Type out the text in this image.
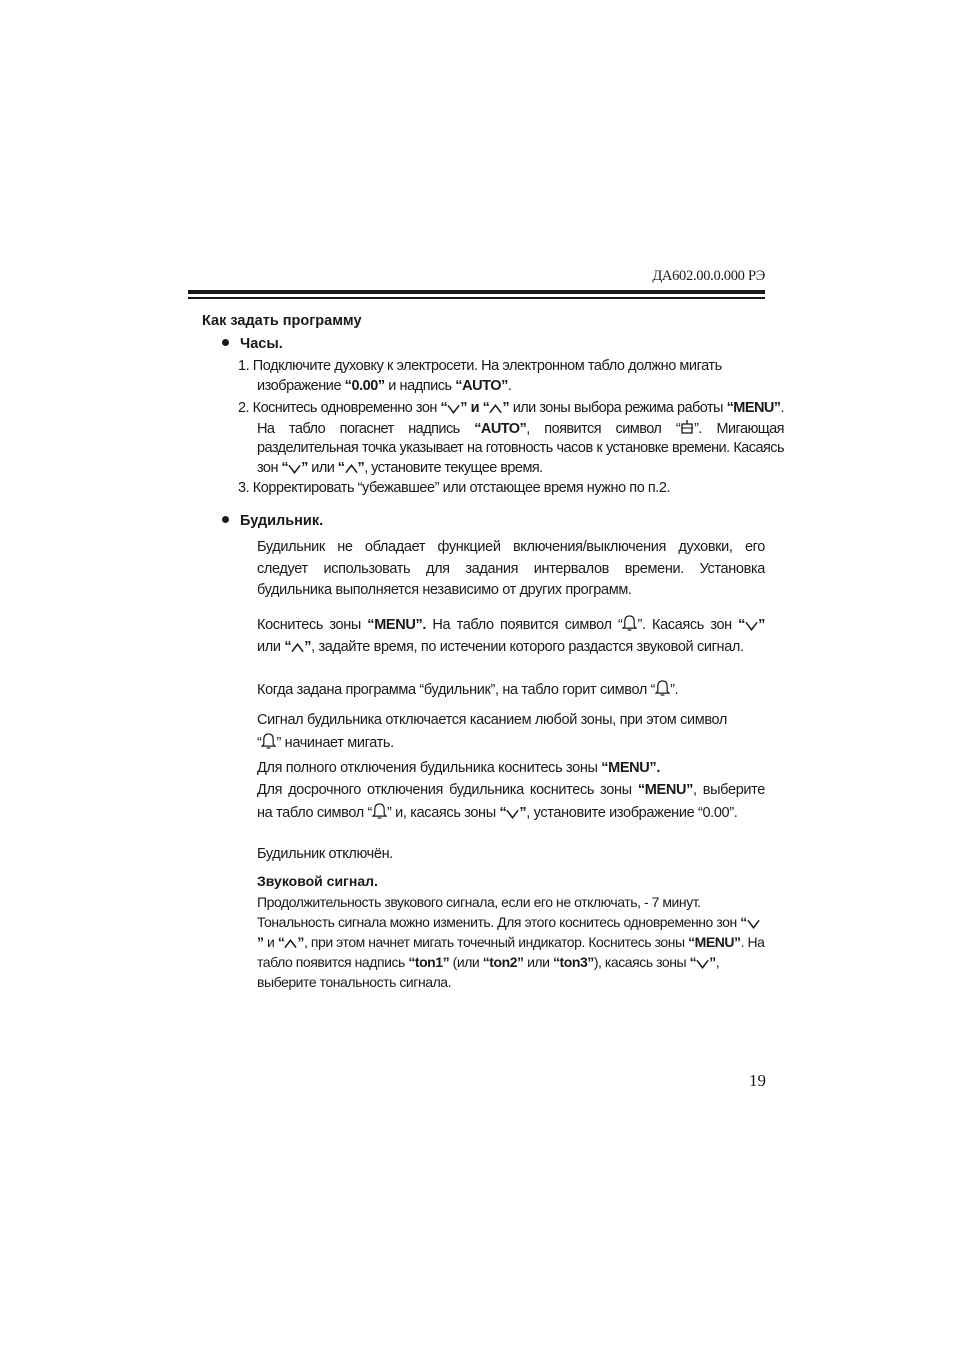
ДА602.00.0.000 РЭ
Как задать программу
Часы.
1. Подключите духовку к электросети. На электронном табло должно мигать изображение “0.00” и надпись “AUTO”.
2. Коснитесь одновременно зон “ ” и “ ” или зоны выбора режима работы “MENU”. На табло погаснет надпись “AUTO”, появится символ “ ”. Мигающая разделительная точка указывает на готовность часов к установке времени. Касаясь зон “ ” или “ ”, установите текущее время.
3. Корректировать “убежавшее” или отстающее время нужно по п.2.
Будильник.
Будильник не обладает функцией включения/выключения духовки, его следует использовать для задания интервалов времени. Установка будильника выполняется независимо от других программ.
Коснитесь зоны “MENU”. На табло появится символ “ ”. Касаясь зон “ ” или “ ”, задайте время, по истечении которого раздастся звуковой сигнал.
Когда задана программа “будильник”, на табло горит символ “ ”.
Сигнал будильника отключается касанием любой зоны, при этом символ
“ ” начинает мигать.
Для полного отключения будильника коснитесь зоны “MENU”.
Для досрочного отключения будильника коснитесь зоны “MENU”, выберите на табло символ “ ” и, касаясь зоны “ ”, установите изображение “0.00”.
Будильник отключён.
Звуковой сигнал.
Продолжительность звукового сигнала, если его не отключать, - 7 минут. Тональность сигнала можно изменить. Для этого коснитесь одновременно зон “” и “ ”, при этом начнет мигать точечный индикатор. Коснитесь зоны “MENU”. На табло появится надпись “ton1” (или “ton2” или “ton3”), касаясь зоны “ ”, выберите тональность сигнала.
19
